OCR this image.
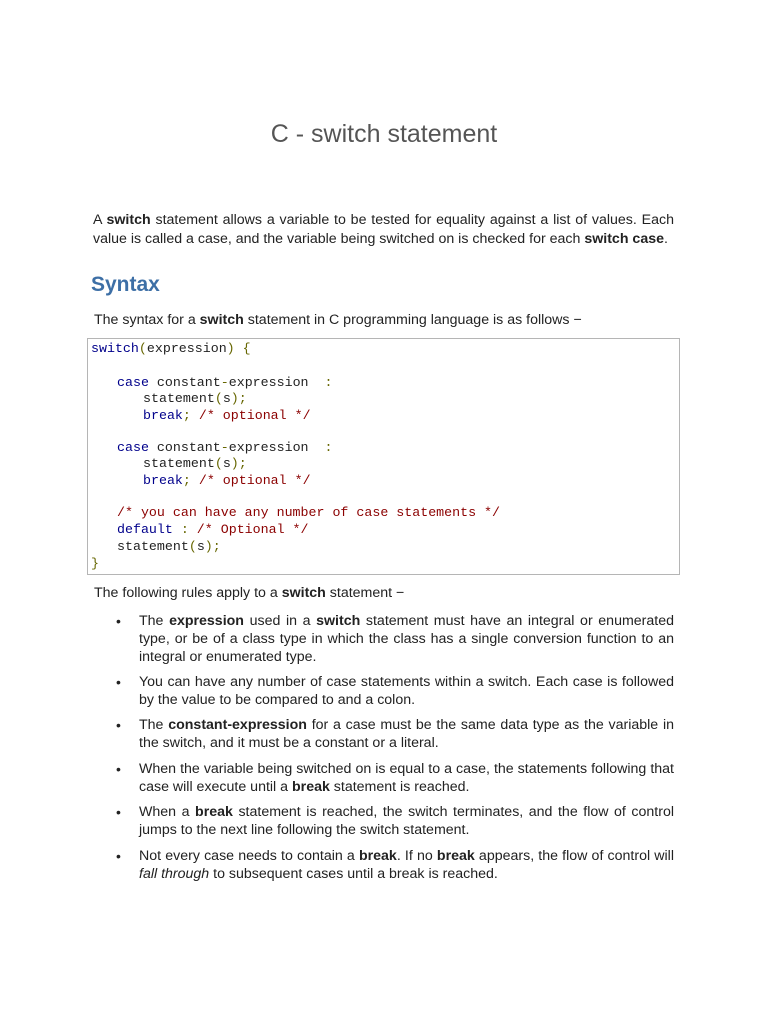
C - switch statement

A switch statement allows a variable to be tested for equality against a list of values. Each value is called a case, and the variable being switched on is checked for each switch case.

Syntax

The syntax for a switch statement in C programming language is as follows −

switch(expression) {
case constant-expression  :
statement(s);
break; /* optional */
case constant-expression  :
statement(s);
break; /* optional */
/* you can have any number of case statements */
default : /* Optional */
statement(s);
}

The following rules apply to a switch statement −

• The expression used in a switch statement must have an integral or enumerated type, or be of a class type in which the class has a single conversion function to an integral or enumerated type.
• You can have any number of case statements within a switch. Each case is followed by the value to be compared to and a colon.
• The constant-expression for a case must be the same data type as the variable in the switch, and it must be a constant or a literal.
• When the variable being switched on is equal to a case, the statements following that case will execute until a break statement is reached.
• When a break statement is reached, the switch terminates, and the flow of control jumps to the next line following the switch statement.
• Not every case needs to contain a break. If no break appears, the flow of control will fall through to subsequent cases until a break is reached.
